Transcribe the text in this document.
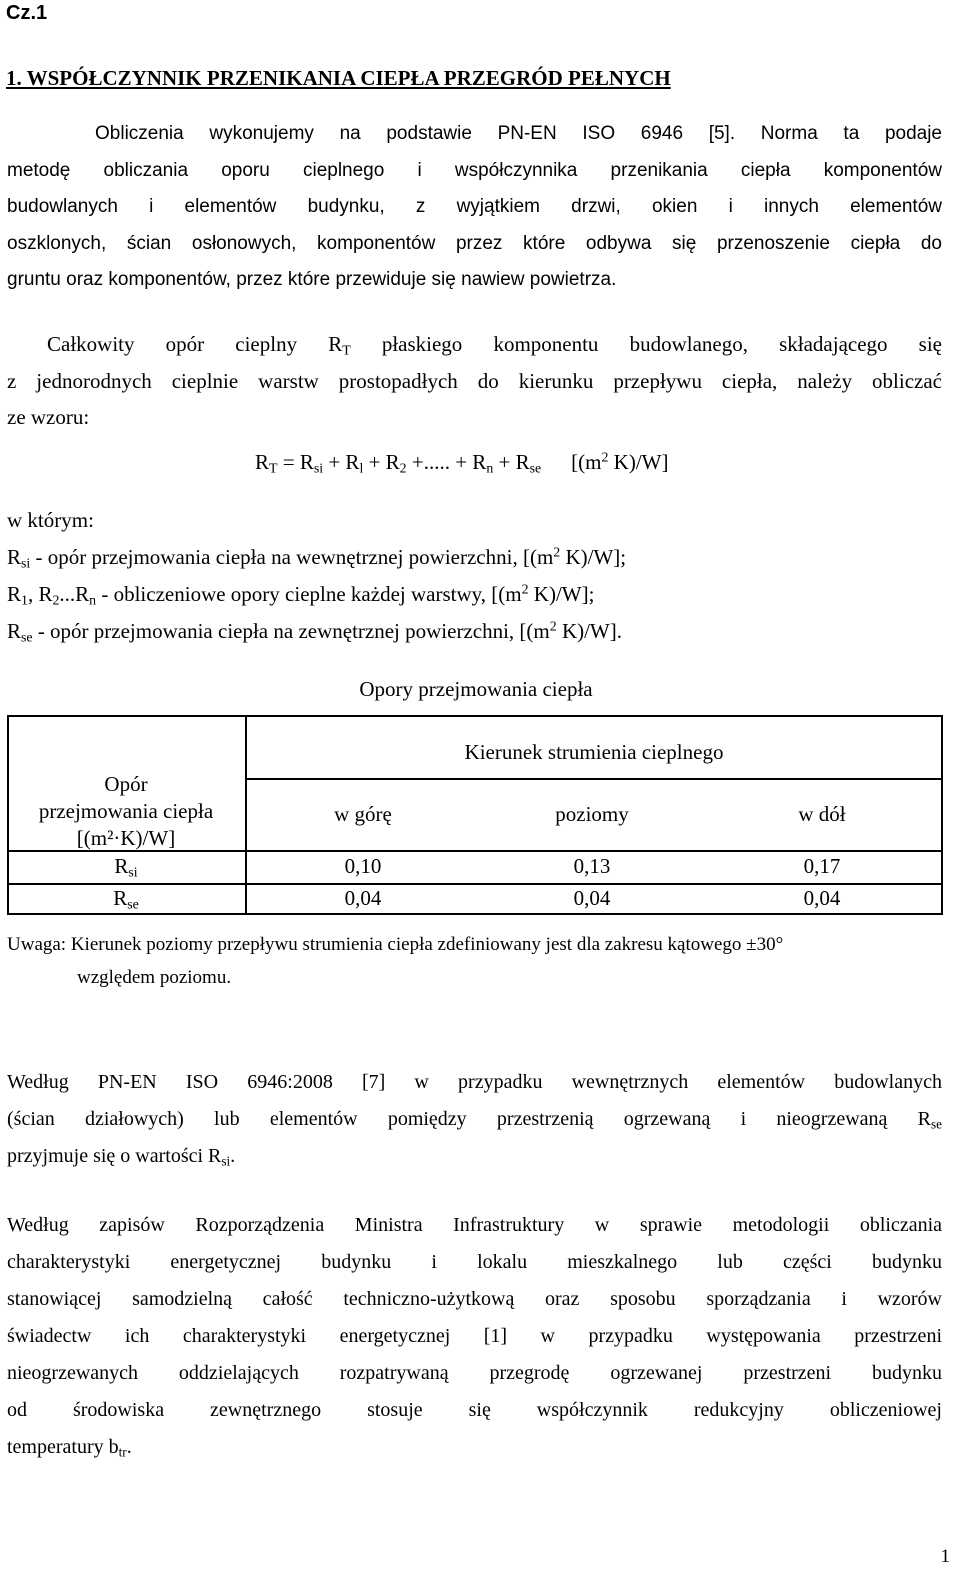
Cz.1
1. WSPÓŁCZYNNIK PRZENIKANIA CIEPŁA PRZEGRÓD PEŁNYCH
Obliczenia wykonujemy na podstawie PN-EN ISO 6946 [5]. Norma ta podaje
metodę obliczania oporu cieplnego i współczynnika przenikania ciepła komponentów
budowlanych i elementów budynku, z wyjątkiem drzwi, okien i innych elementów
oszklonych, ścian osłonowych, komponentów przez które odbywa się przenoszenie ciepła do
gruntu oraz komponentów, przez które przewiduje się nawiew powietrza.
Całkowity opór cieplny $R_T$ płaskiego komponentu budowlanego, składającego się
z jednorodnych cieplnie warstw prostopadłych do kierunku przepływu ciepła, należy obliczać
ze wzoru:
$R_T = R_{si} + R_l + R_2$ +..... + $R_n + R_{se}$ [($m^2$ K)/W]
w którym:
$R_{si}$ - opór przejmowania ciepła na wewnętrznej powierzchni, [($m^2$ K)/W];
$R_1$, $R_2...R_n$ - obliczeniowe opory cieplne każdej warstwy, [($m^2$ K)/W];
$R_{se}$ - opór przejmowania ciepła na zewnętrznej powierzchni, [($m^2$ K)/W].
Opory przejmowania ciepła
Kierunek strumienia cieplnego
Opór
przejmowania ciepła
[(m²·K)/W]
w górę	poziomy	w dół
$R_{si}$	0,10	0,13	0,17
$R_{se}$	0,04	0,04	0,04
Uwaga: Kierunek poziomy przepływu strumienia ciepła zdefiniowany jest dla zakresu kątowego ±30°
względem poziomu.
Według PN-EN ISO 6946:2008 [7] w przypadku wewnętrznych elementów budowlanych
(ścian działowych) lub elementów pomiędzy przestrzenią ogrzewaną i nieogrzewaną $R_{se}$
przyjmuje się o wartości $R_{si}$.
Według zapisów Rozporządzenia Ministra Infrastruktury w sprawie metodologii obliczania
charakterystyki energetycznej budynku i lokalu mieszkalnego lub części budynku
stanowiącej samodzielną całość techniczno-użytkową oraz sposobu sporządzania i wzorów
świadectw ich charakterystyki energetycznej [1] w przypadku występowania przestrzeni
nieogrzewanych oddzielających rozpatrywaną przegrodę ogrzewanej przestrzeni budynku
od środowiska zewnętrznego stosuje się współczynnik redukcyjny obliczeniowej
temperatury $b_{tr}$.
1
